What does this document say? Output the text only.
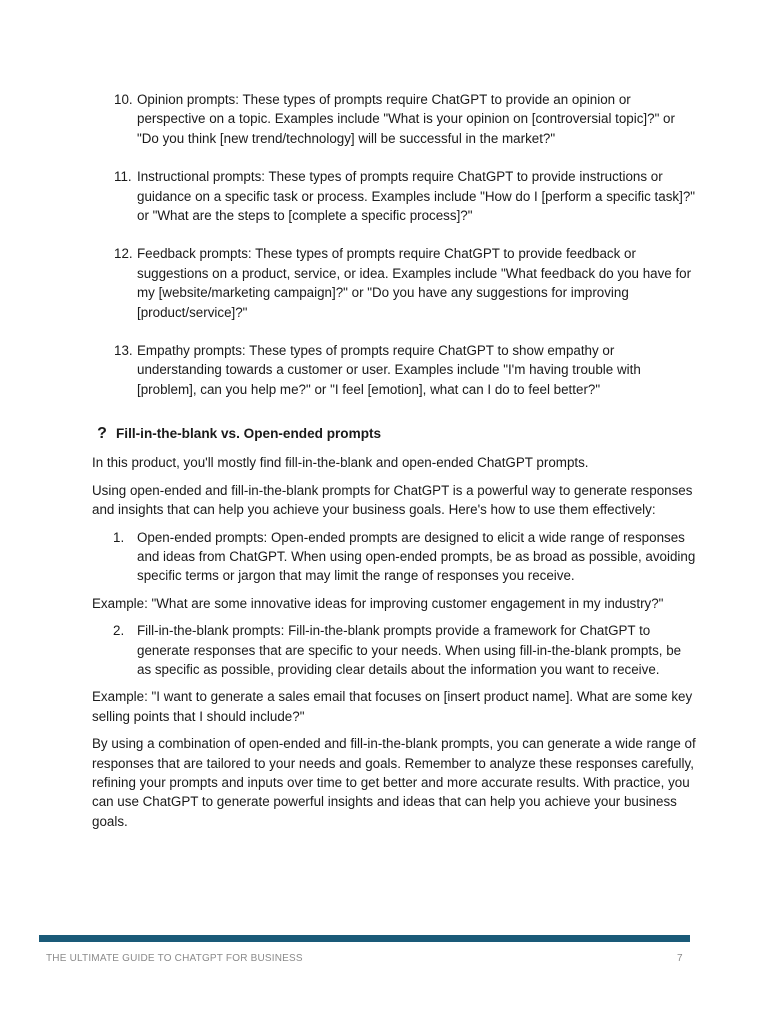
10. Opinion prompts: These types of prompts require ChatGPT to provide an opinion or perspective on a topic. Examples include "What is your opinion on [controversial topic]?" or "Do you think [new trend/technology] will be successful in the market?"
11. Instructional prompts: These types of prompts require ChatGPT to provide instructions or guidance on a specific task or process. Examples include "How do I [perform a specific task]?" or "What are the steps to [complete a specific process]?"
12. Feedback prompts: These types of prompts require ChatGPT to provide feedback or suggestions on a product, service, or idea. Examples include "What feedback do you have for my [website/marketing campaign]?" or "Do you have any suggestions for improving [product/service]?"
13. Empathy prompts: These types of prompts require ChatGPT to show empathy or understanding towards a customer or user. Examples include "I'm having trouble with [problem], can you help me?" or "I feel [emotion], what can I do to feel better?"
? Fill-in-the-blank vs. Open-ended prompts
In this product, you'll mostly find fill-in-the-blank and open-ended ChatGPT prompts.
Using open-ended and fill-in-the-blank prompts for ChatGPT is a powerful way to generate responses and insights that can help you achieve your business goals. Here's how to use them effectively:
1. Open-ended prompts: Open-ended prompts are designed to elicit a wide range of responses and ideas from ChatGPT. When using open-ended prompts, be as broad as possible, avoiding specific terms or jargon that may limit the range of responses you receive.
Example: "What are some innovative ideas for improving customer engagement in my industry?"
2. Fill-in-the-blank prompts: Fill-in-the-blank prompts provide a framework for ChatGPT to generate responses that are specific to your needs. When using fill-in-the-blank prompts, be as specific as possible, providing clear details about the information you want to receive.
Example: "I want to generate a sales email that focuses on [insert product name]. What are some key selling points that I should include?"
By using a combination of open-ended and fill-in-the-blank prompts, you can generate a wide range of responses that are tailored to your needs and goals. Remember to analyze these responses carefully, refining your prompts and inputs over time to get better and more accurate results. With practice, you can use ChatGPT to generate powerful insights and ideas that can help you achieve your business goals.
THE ULTIMATE GUIDE TO CHATGPT FOR BUSINESS	7
